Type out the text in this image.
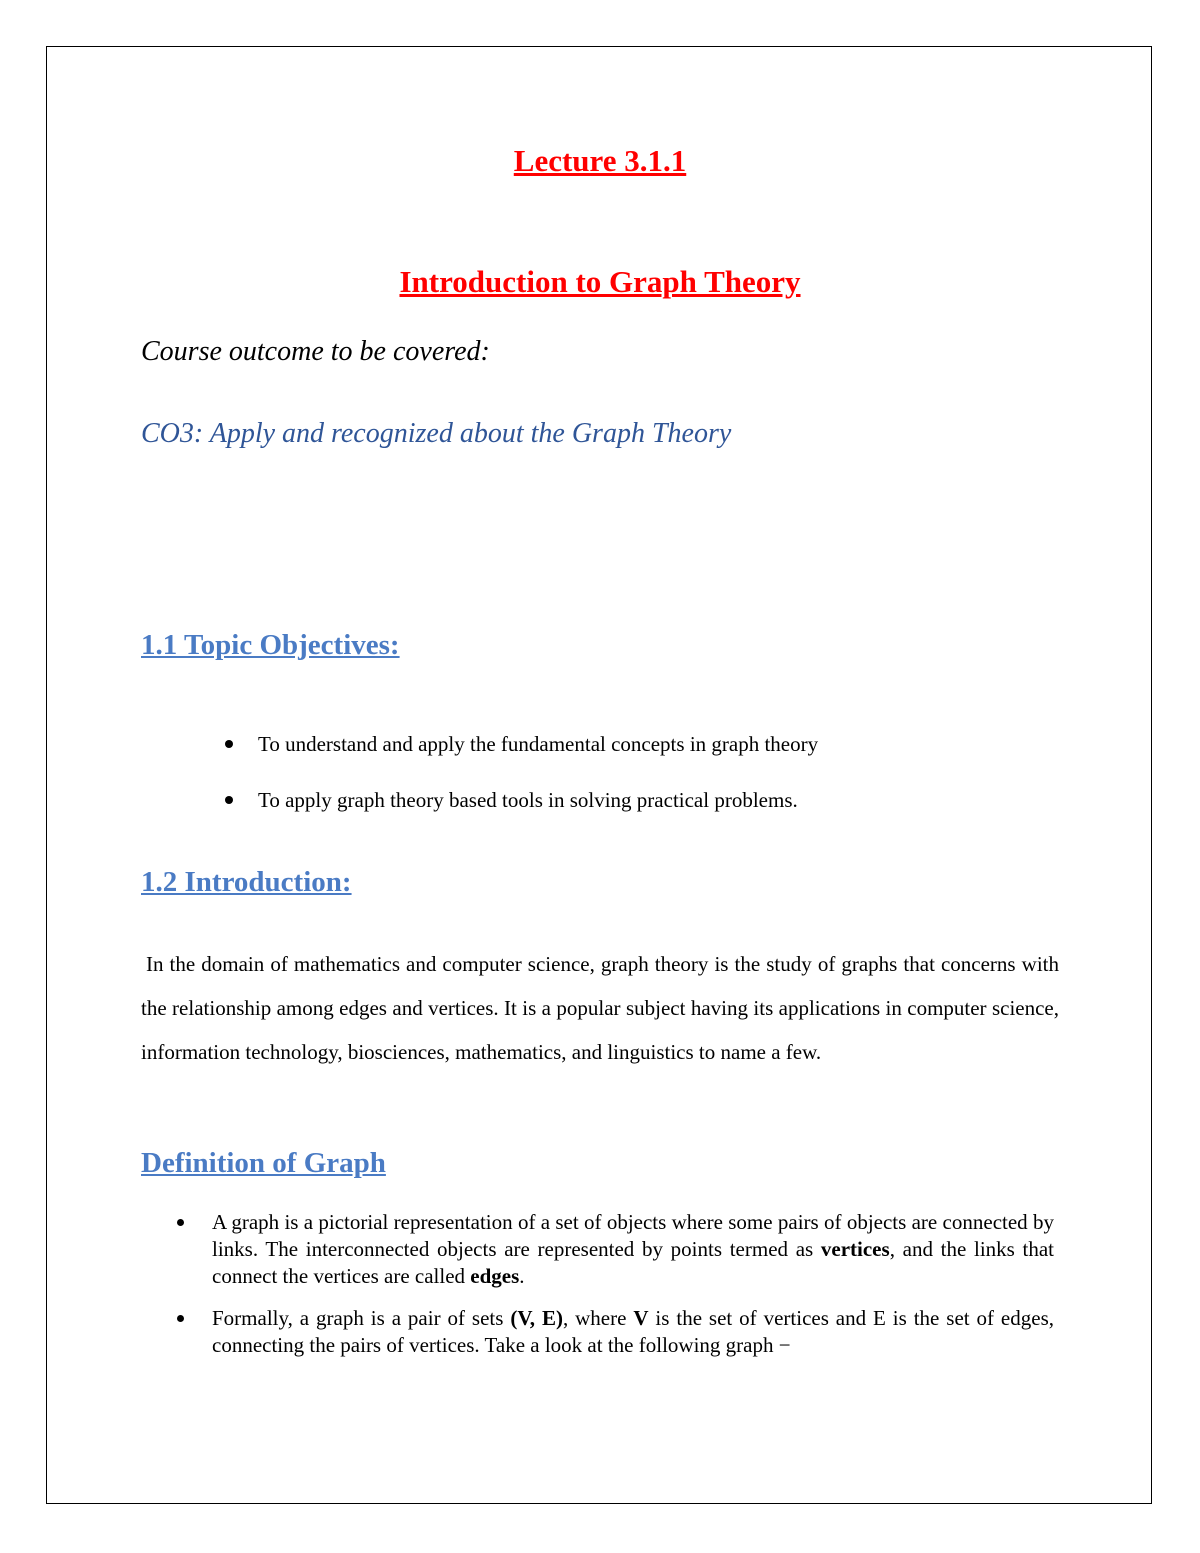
Lecture 3.1.1
Introduction to Graph Theory
Course outcome to be covered:
CO3: Apply and recognized about the Graph Theory
1.1 Topic Objectives:
To understand and apply the fundamental concepts in graph theory
To apply graph theory based tools in solving practical problems.
1.2 Introduction:

In the domain of mathematics and computer science, graph theory is the study of graphs that concerns with the relationship among edges and vertices. It is a popular subject having its applications in computer science, information technology, biosciences, mathematics, and linguistics to name a few.

Definition of Graph
A graph is a pictorial representation of a set of objects where some pairs of objects are connected by links. The interconnected objects are represented by points termed as vertices, and the links that connect the vertices are called edges.
Formally, a graph is a pair of sets (V, E), where V is the set of vertices and E is the set of edges, connecting the pairs of vertices. Take a look at the following graph −
